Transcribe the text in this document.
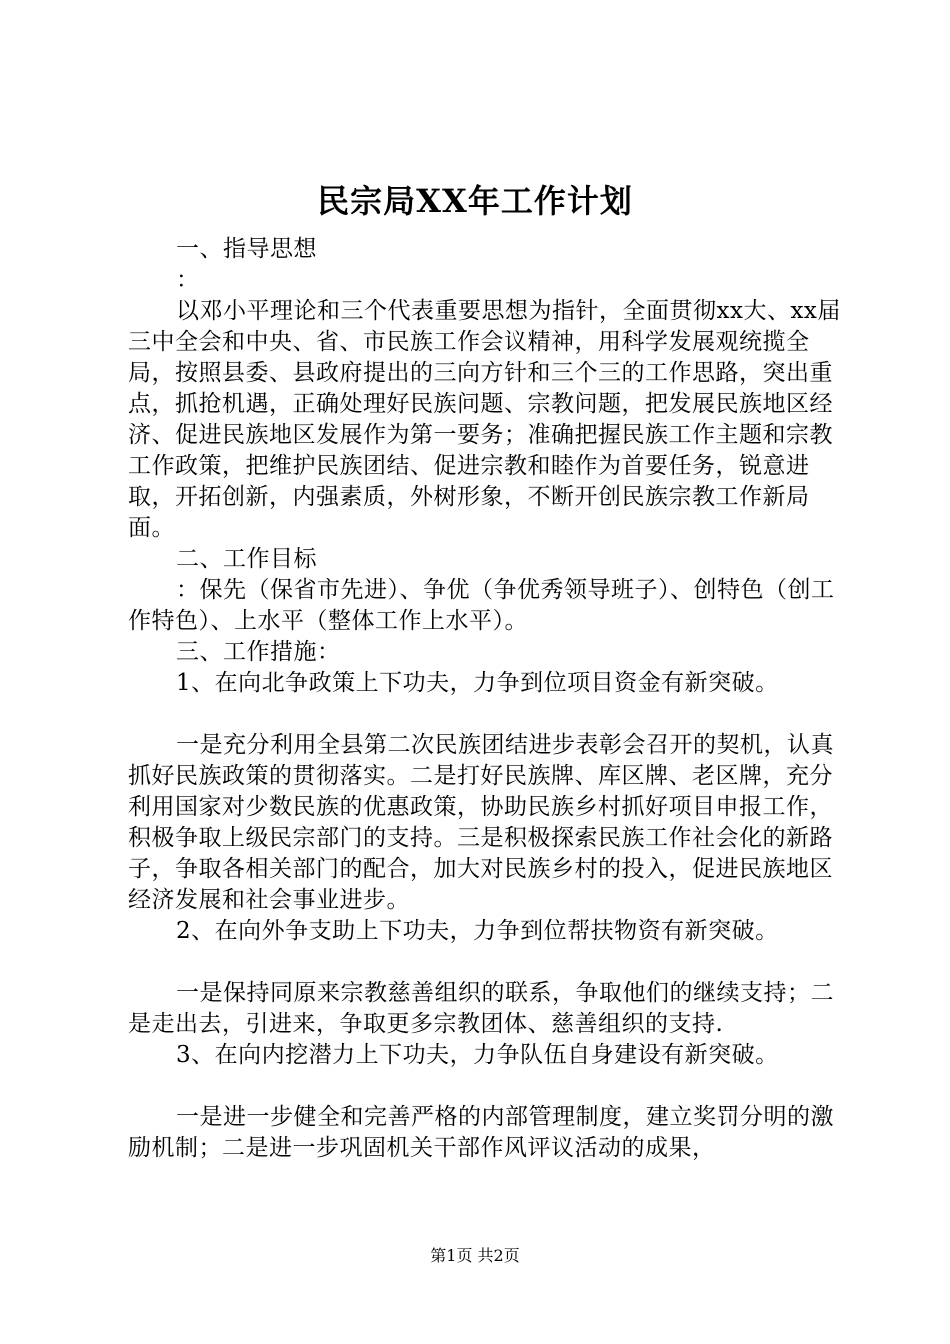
民宗局XX年工作计划

一、指导思想

：

以邓小平理论和三个代表重要思想为指针，全面贯彻xx大、xx届三中全会和中央、省、市民族工作会议精神，用科学发展观统揽全局，按照县委、县政府提出的三向方针和三个三的工作思路，突出重点，抓抢机遇，正确处理好民族问题、宗教问题，把发展民族地区经济、促进民族地区发展作为第一要务；准确把握民族工作主题和宗教工作政策，把维护民族团结、促进宗教和睦作为首要任务，锐意进取，开拓创新，内强素质，外树形象，不断开创民族宗教工作新局面。

二、工作目标

：保先（保省市先进）、争优（争优秀领导班子）、创特色（创工作特色）、上水平（整体工作上水平）。

三、工作措施：

1、在向北争政策上下功夫，力争到位项目资金有新突破。

一是充分利用全县第二次民族团结进步表彰会召开的契机，认真抓好民族政策的贯彻落实。二是打好民族牌、库区牌、老区牌，充分利用国家对少数民族的优惠政策，协助民族乡村抓好项目申报工作，积极争取上级民宗部门的支持。三是积极探索民族工作社会化的新路子，争取各相关部门的配合，加大对民族乡村的投入，促进民族地区经济发展和社会事业进步。

2、在向外争支助上下功夫，力争到位帮扶物资有新突破。

一是保持同原来宗教慈善组织的联系，争取他们的继续支持；二是走出去，引进来，争取更多宗教团体、慈善组织的支持.

3、在向内挖潜力上下功夫，力争队伍自身建设有新突破。

一是进一步健全和完善严格的内部管理制度，建立奖罚分明的激励机制；二是进一步巩固机关干部作风评议活动的成果，

第1页 共2页
